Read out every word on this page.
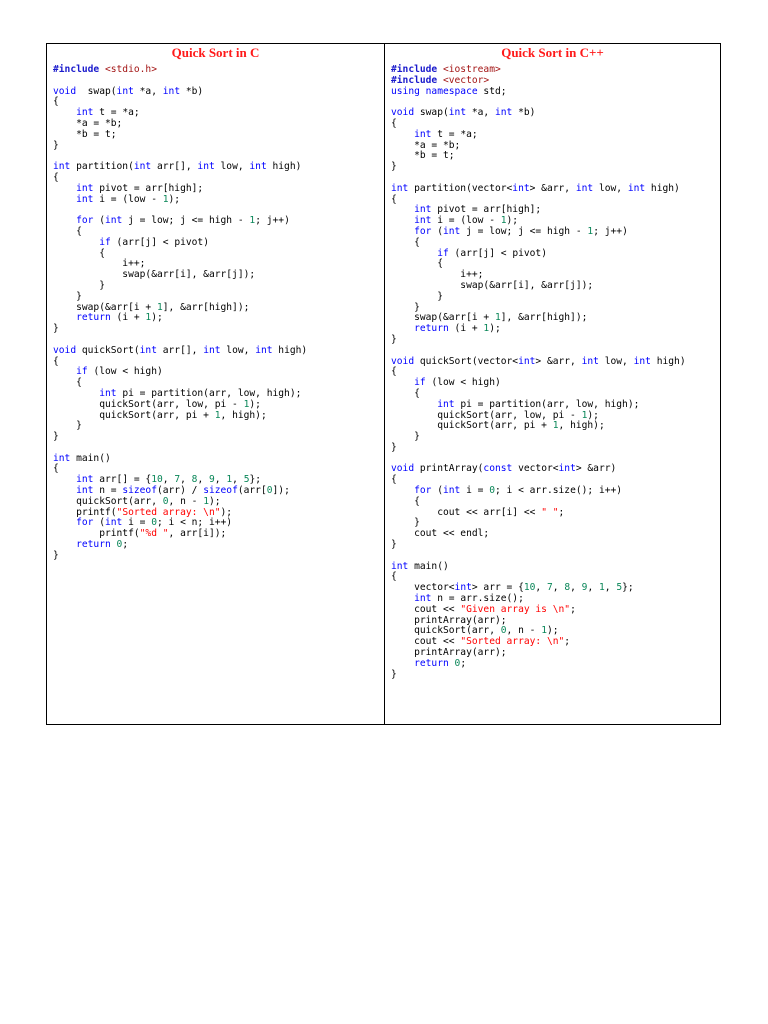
Quick Sort in C
#include <stdio.h>

void  swap(int *a, int *b)
{
int t = *a;
*a = *b;
*b = t;
}

int partition(int arr[], int low, int high)
{
int pivot = arr[high];
int i = (low - 1);

for (int j = low; j <= high - 1; j++)
{
if (arr[j] < pivot)
{
i++;
swap(&arr[i], &arr[j]);
}
}
swap(&arr[i + 1], &arr[high]);
return (i + 1);
}

void quickSort(int arr[], int low, int high)
{
if (low < high)
{
int pi = partition(arr, low, high);
quickSort(arr, low, pi - 1);
quickSort(arr, pi + 1, high);
}
}

int main()
{
int arr[] = {10, 7, 8, 9, 1, 5};
int n = sizeof(arr) / sizeof(arr[0]);
quickSort(arr, 0, n - 1);
printf("Sorted array: \n");
for (int i = 0; i < n; i++)
printf("%d ", arr[i]);
return 0;
}
Quick Sort in C++
#include <iostream>
#include <vector>
using namespace std;

void swap(int *a, int *b)
{
int t = *a;
*a = *b;
*b = t;
}

int partition(vector<int> &arr, int low, int high)
{
int pivot = arr[high];
int i = (low - 1);
for (int j = low; j <= high - 1; j++)
{
if (arr[j] < pivot)
{
i++;
swap(&arr[i], &arr[j]);
}
}
swap(&arr[i + 1], &arr[high]);
return (i + 1);
}

void quickSort(vector<int> &arr, int low, int high)
{
if (low < high)
{
int pi = partition(arr, low, high);
quickSort(arr, low, pi - 1);
quickSort(arr, pi + 1, high);
}
}

void printArray(const vector<int> &arr)
{
for (int i = 0; i < arr.size(); i++)
{
cout << arr[i] << " ";
}
cout << endl;
}

int main()
{
vector<int> arr = {10, 7, 8, 9, 1, 5};
int n = arr.size();
cout << "Given array is \n";
printArray(arr);
quickSort(arr, 0, n - 1);
cout << "Sorted array: \n";
printArray(arr);
return 0;
}
